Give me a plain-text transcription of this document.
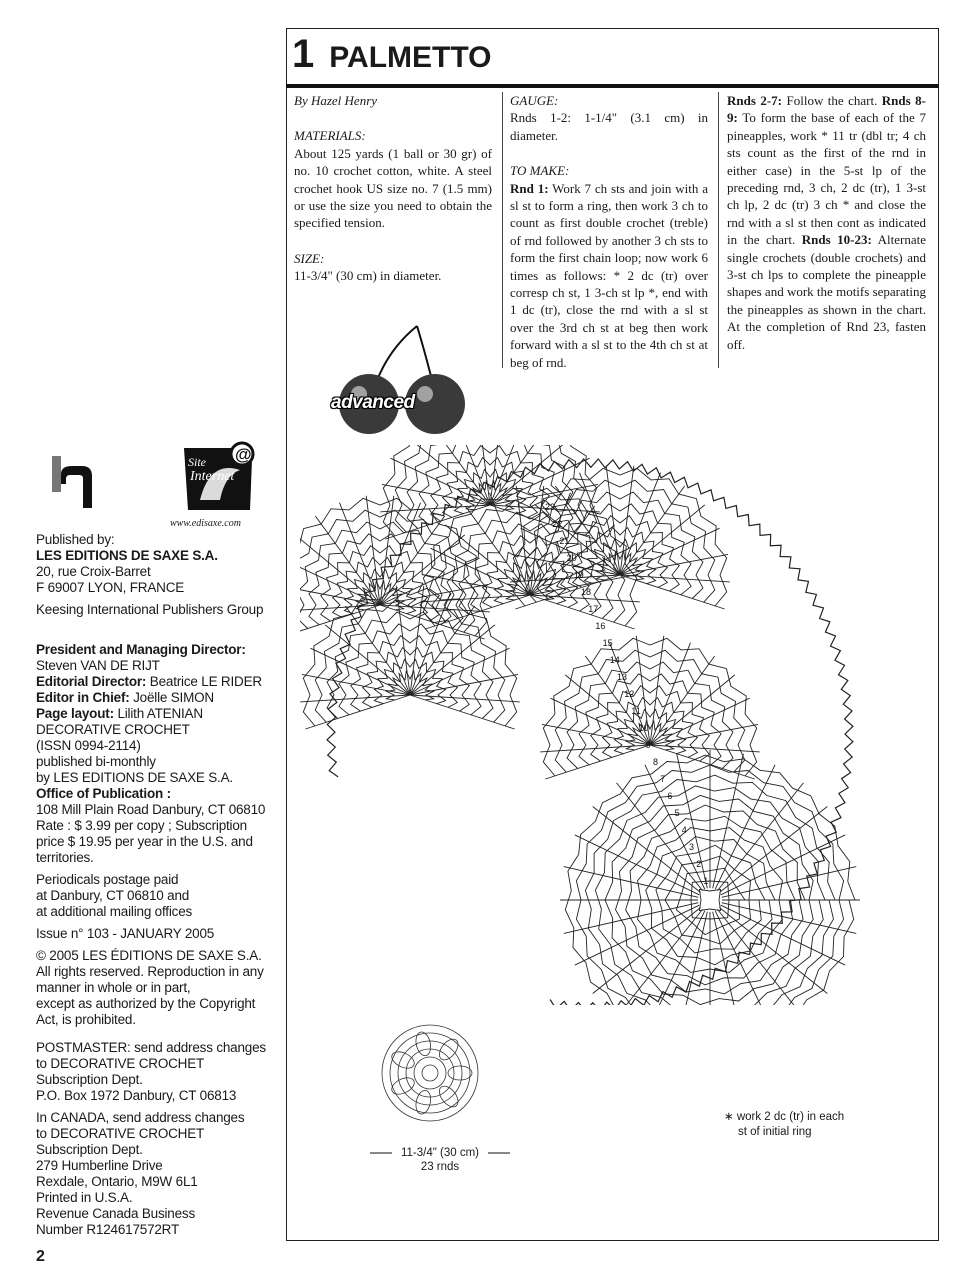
Site
Internet
@
www.edisaxe.com
Published by:
LES EDITIONS DE SAXE S.A.
20, rue Croix-Barret
F 69007 LYON, FRANCE
Keesing International Publishers Group
President and Managing Director:
Steven VAN DE RIJT
Editorial Director: Beatrice LE RIDER
Editor in Chief: Joëlle SIMON
Page layout: Lilith ATENIAN
DECORATIVE CROCHET
(ISSN 0994-2114)
published bi-monthly
by LES EDITIONS DE SAXE S.A.
Office of Publication :
108 Mill Plain Road Danbury, CT 06810
Rate : $ 3.99 per copy ; Subscription
price $ 19.95 per year in the U.S. and
territories.
Periodicals postage paid
at Danbury, CT 06810 and
at additional mailing offices
Issue n° 103 - JANUARY 2005
© 2005 LES ÉDITIONS DE SAXE S.A.
All rights reserved. Reproduction in any
manner in whole or in part,
except as authorized by the Copyright
Act, is prohibited.
POSTMASTER: send address changes
to DECORATIVE CROCHET
Subscription Dept.
P.O. Box 1972 Danbury, CT 06813
In CANADA, send address changes
to DECORATIVE CROCHET
Subscription Dept.
279 Humberline Drive
Rexdale, Ontario, M9W 6L1
Printed in U.S.A.
Revenue Canada Business
Number R124617572RT
2
1 PALMETTO

By Hazel Henry

MATERIALS:

About 125 yards (1 ball or 30 gr) of no. 10 crochet cotton, white. A steel crochet hook US size no. 7 (1.5 mm) or use the size you need to obtain the specified tension.

SIZE:

11-3/4" (30 cm) in diameter.

GAUGE:

Rnds 1-2: 1-1/4" (3.1 cm) in diameter.

TO MAKE:

Rnd 1: Work 7 ch sts and join with a sl st to form a ring, then work 3 ch to count as first double crochet (treble) of rnd followed by another 3 ch sts to form the first chain loop; now work 6 times as follows: * 2 dc (tr) over corresp ch st, 1 3-ch st lp *, end with 1 dc (tr), close the rnd with a sl st over the 3rd ch st at beg then work forward with a sl st to the 4th ch st at beg of rnd.

Rnds 2-7: Follow the chart. Rnds 8-9: To form the base of each of the 7 pineapples, work * 11 tr (dbl tr; 4 ch sts count as the first of the rnd in either case) in the 5-st lp of the preceding rnd, 3 ch, 2 dc (tr), 1 3-st ch lp, 2 dc (tr) 3 ch * and close the rnd with a sl st then cont as indicated in the chart. Rnds 10-23: Alternate single crochets (double crochets) and 3-st ch lps to complete the pineapple shapes and work the motifs separating the pineapples as shown in the chart. At the completion of Rnd 23, fasten off.

advanced
23
22
21
20
19
18
17
16
15
14
13
12
11
10
9
8
7
6
5
4
3
2
1
11-3/4" (30 cm)
23 rnds
∗ work 2 dc (tr) in each
st of initial ring
